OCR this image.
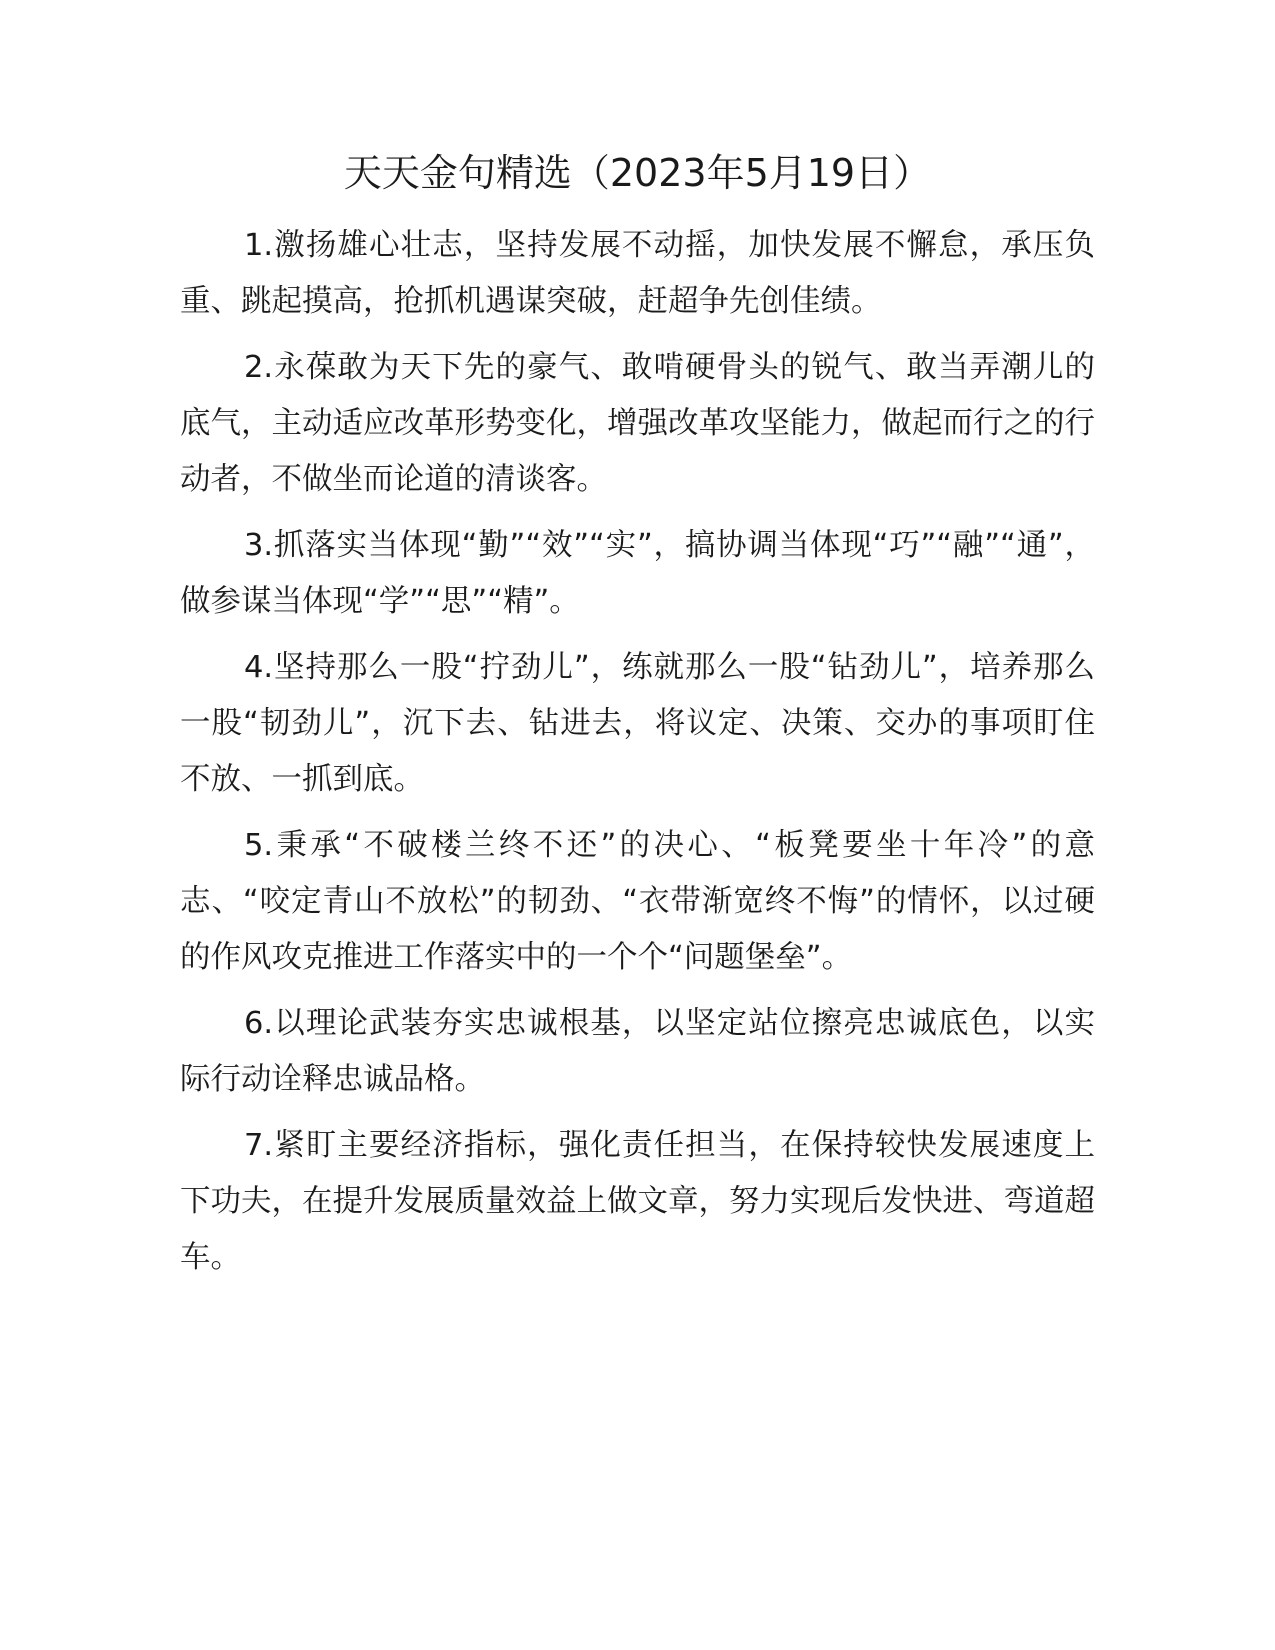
天天金句精选（2023年5月19日）

1.激扬雄心壮志，坚持发展不动摇，加快发展不懈怠，承压负重、跳起摸高，抢抓机遇谋突破，赶超争先创佳绩。

2.永葆敢为天下先的豪气、敢啃硬骨头的锐气、敢当弄潮儿的底气，主动适应改革形势变化，增强改革攻坚能力，做起而行之的行动者，不做坐而论道的清谈客。

3.抓落实当体现“勤”“效”“实”，搞协调当体现“巧”“融”“通”，做参谋当体现“学”“思”“精”。

4.坚持那么一股“拧劲儿”，练就那么一股“钻劲儿”，培养那么一股“韧劲儿”，沉下去、钻进去，将议定、决策、交办的事项盯住不放、一抓到底。

5.秉承“不破楼兰终不还”的决心、“板凳要坐十年冷”的意志、“咬定青山不放松”的韧劲、“衣带渐宽终不悔”的情怀，以过硬的作风攻克推进工作落实中的一个个“问题堡垒”。

6.以理论武装夯实忠诚根基，以坚定站位擦亮忠诚底色，以实际行动诠释忠诚品格。

7.紧盯主要经济指标，强化责任担当，在保持较快发展速度上下功夫，在提升发展质量效益上做文章，努力实现后发快进、弯道超车。
